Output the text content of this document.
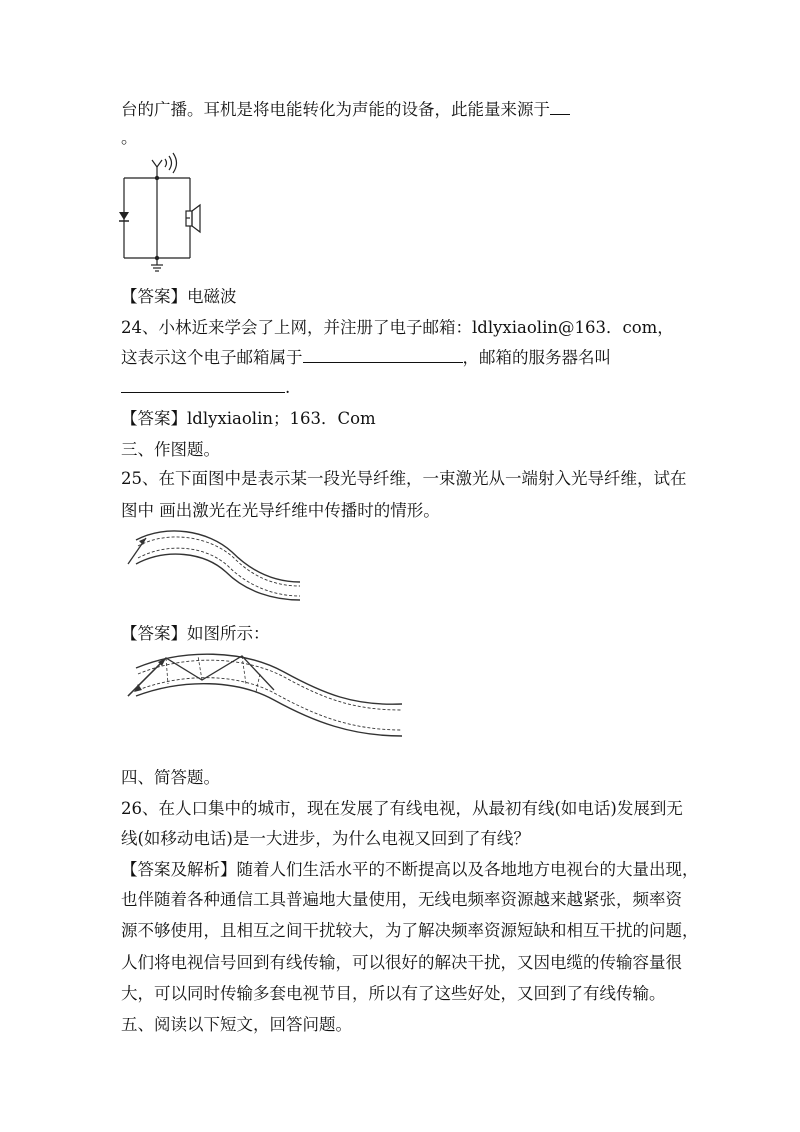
台的广播。耳机是将电能转化为声能的设备，此能量来源于
。
【答案】电磁波
24、小林近来学会了上网，并注册了电子邮箱：ldlyxiaolin@163．com，
这表示这个电子邮箱属于	，邮箱的服务器名叫
.
【答案】ldlyxiaolin；163．Com
三、作图题。
25、在下面图中是表示某一段光导纤维，一束激光从一端射入光导纤维，试在
图中 画出激光在光导纤维中传播时的情形。
【答案】如图所示：
四、简答题。
26、在人口集中的城市，现在发展了有线电视，从最初有线(如电话)发展到无
线(如移动电话)是一大进步，为什么电视又回到了有线？
【答案及解析】随着人们生活水平的不断提高以及各地地方电视台的大量出现，
也伴随着各种通信工具普遍地大量使用，无线电频率资源越来越紧张，频率资
源不够使用，且相互之间干扰较大，为了解决频率资源短缺和相互干扰的问题，
人们将电视信号回到有线传输，可以很好的解决干扰，又因电缆的传输容量很
大，可以同时传输多套电视节目，所以有了这些好处，又回到了有线传输。
五、阅读以下短文，回答问题。
